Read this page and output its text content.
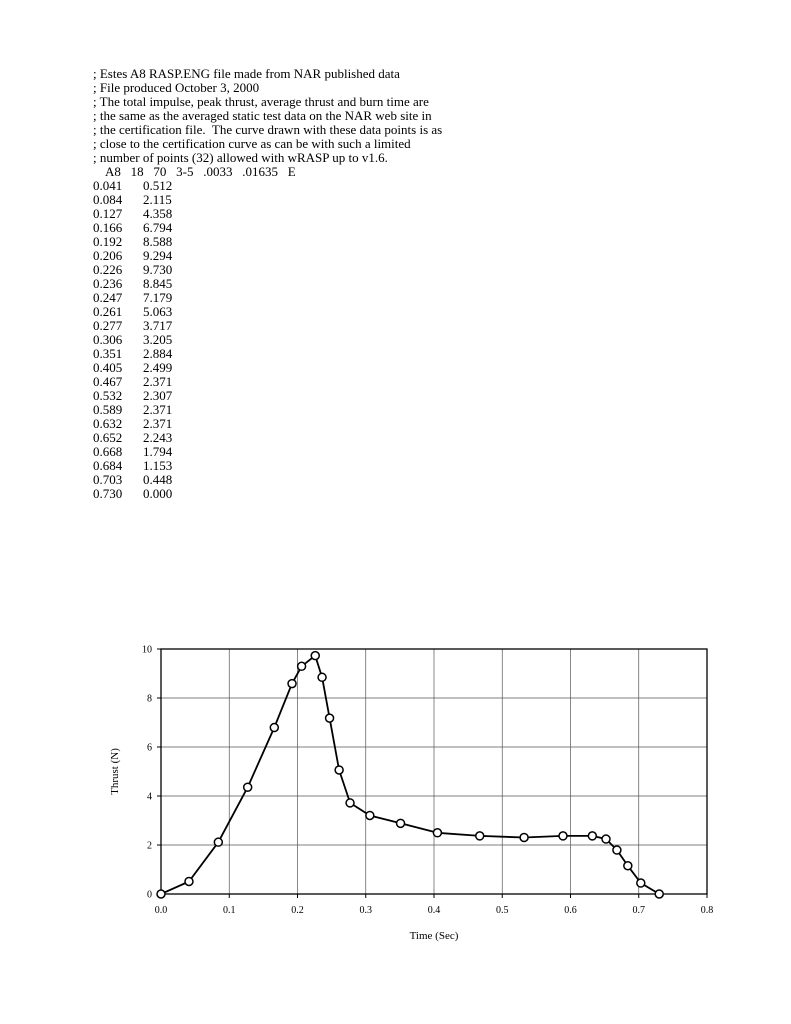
; Estes A8 RASP.ENG file made from NAR published data
; File produced October 3, 2000
; The total impulse, peak thrust, average thrust and burn time are
; the same as the averaged static test data on the NAR web site in
; the certification file.  The curve drawn with these data points is as
; close to the certification curve as can be with such a limited
; number of points (32) allowed with wRASP up to v1.6.
A8   18   70   3-5   .0033   .01635   E
0.041	0.512
0.084	2.115
0.127	4.358
0.166	6.794
0.192	8.588
0.206	9.294
0.226	9.730
0.236	8.845
0.247	7.179
0.261	5.063
0.277	3.717
0.306	3.205
0.351	2.884
0.405	2.499
0.467	2.371
0.532	2.307
0.589	2.371
0.632	2.371
0.652	2.243
0.668	1.794
0.684	1.153
0.703	0.448
0.730	0.000
0.0	0.1	0.2	0.3	0.4	0.5	0.6	0.7	0.8
0
2
4
6
8
10
Time (Sec)
Thrust (N)
